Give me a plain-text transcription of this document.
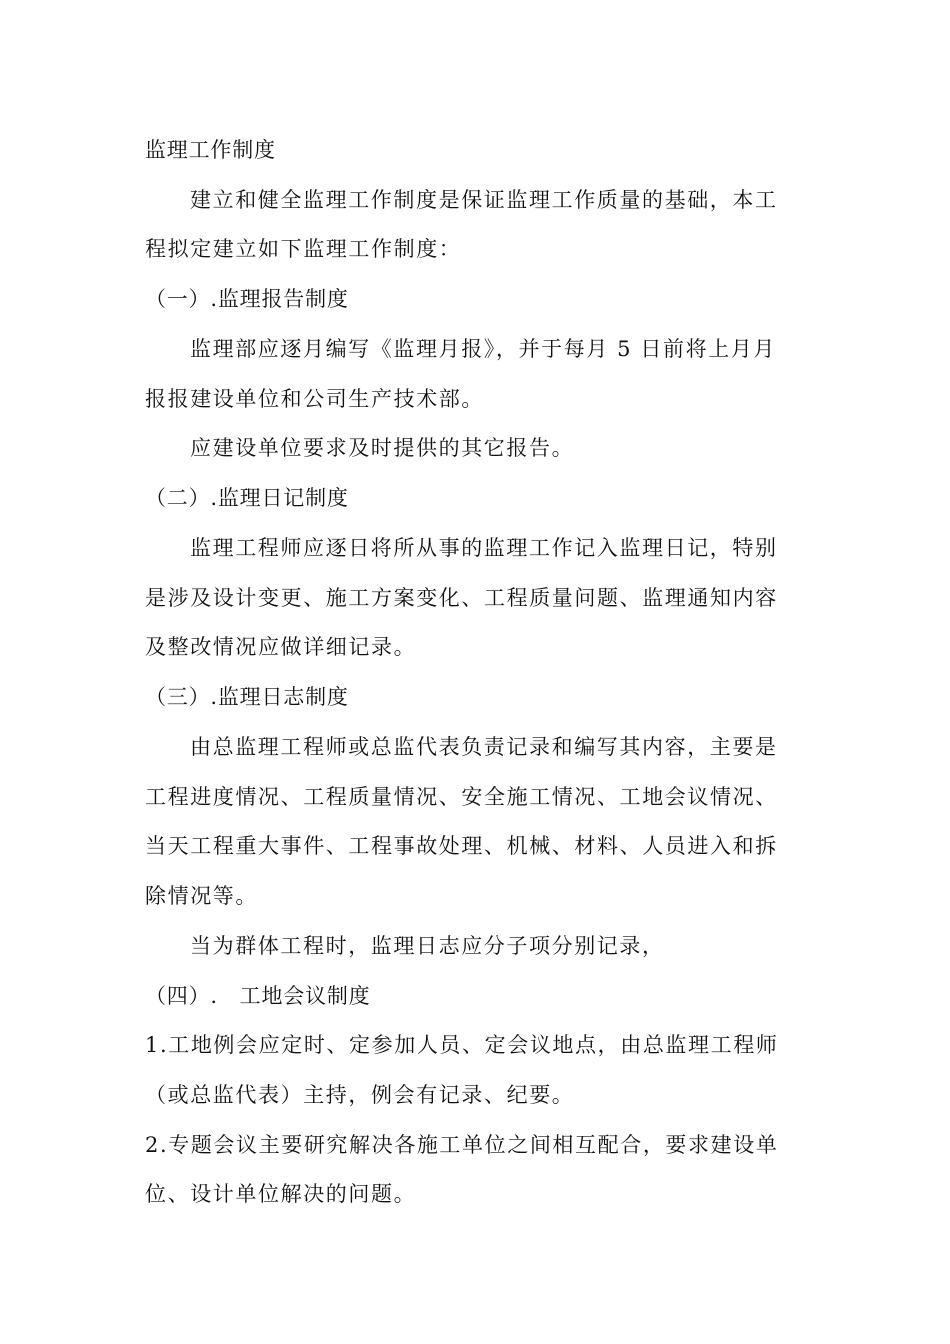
监理工作制度
建立和健全监理工作制度是保证监理工作质量的基础，本工
程拟定建立如下监理工作制度：
（一）.监理报告制度
监理部应逐月编写《监理月报》，并于每月 5 日前将上月月
报报建设单位和公司生产技术部。
应建设单位要求及时提供的其它报告。
（二）.监理日记制度
监理工程师应逐日将所从事的监理工作记入监理日记，特别
是涉及设计变更、施工方案变化、工程质量问题、监理通知内容
及整改情况应做详细记录。
（三）.监理日志制度
由总监理工程师或总监代表负责记录和编写其内容，主要是
工程进度情况、工程质量情况、安全施工情况、工地会议情况、
当天工程重大事件、工程事故处理、机械、材料、人员进入和拆
除情况等。
当为群体工程时，监理日志应分子项分别记录，
（四）.　工地会议制度
1.工地例会应定时、定参加人员、定会议地点，由总监理工程师
（或总监代表）主持，例会有记录、纪要。
2.专题会议主要研究解决各施工单位之间相互配合，要求建设单
位、设计单位解决的问题。
